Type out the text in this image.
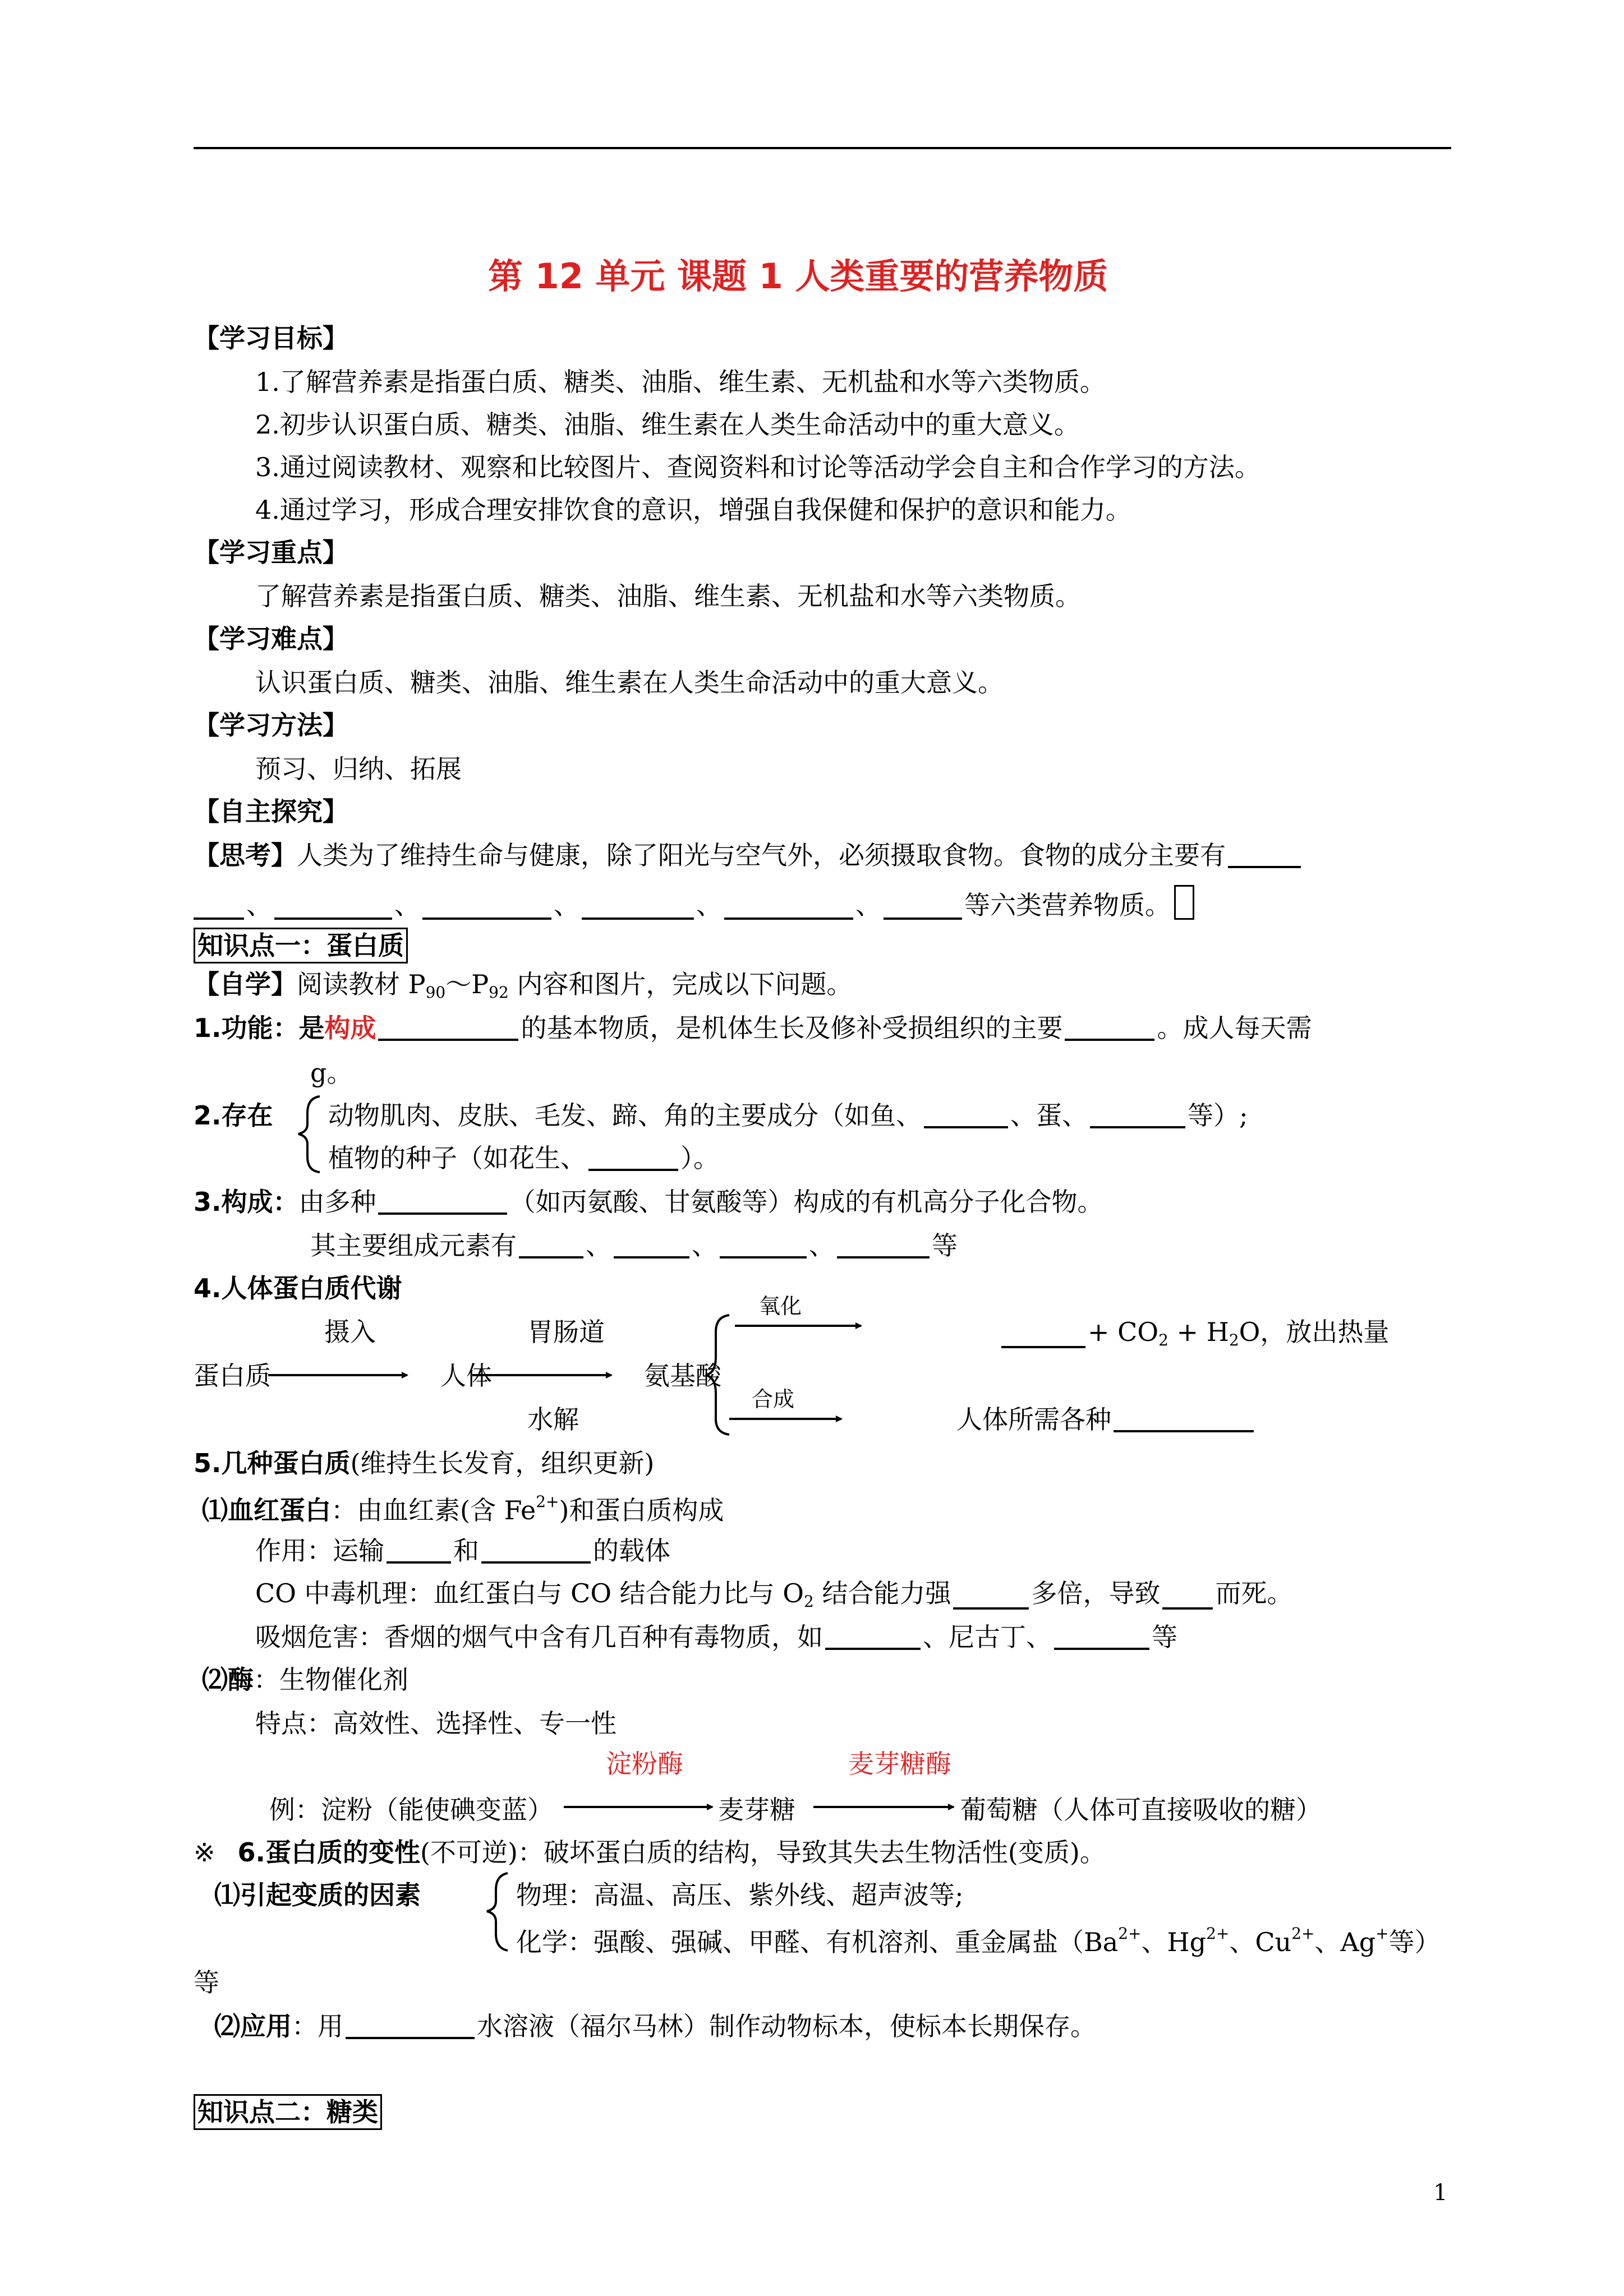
第 12 单元 课题 1 人类重要的营养物质
【学习目标】
1.了解营养素是指蛋白质、糖类、油脂、维生素、无机盐和水等六类物质。
2.初步认识蛋白质、糖类、油脂、维生素在人类生命活动中的重大意义。
3.通过阅读教材、观察和比较图片、查阅资料和讨论等活动学会自主和合作学习的方法。
4.通过学习，形成合理安排饮食的意识，增强自我保健和保护的意识和能力。
【学习重点】
了解营养素是指蛋白质、糖类、油脂、维生素、无机盐和水等六类物质。
【学习难点】
认识蛋白质、糖类、油脂、维生素在人类生命活动中的重大意义。
【学习方法】
预习、归纳、拓展
【自主探究】
【思考】人类为了维持生命与健康，除了阳光与空气外，必须摄取食物。食物的成分主要有
、	、	、	、	、	等六类营养物质。
知识点一：蛋白质
【自学】阅读教材 $P_{90}\sim P_{92}$ 内容和图片，完成以下问题。
1.功能：是构成	的基本物质，是机体生长及修补受损组织的主要	。成人每天需
g。
2.存在 动物肌肉、皮肤、毛发、蹄、角的主要成分（如鱼、	、蛋、	等）;
植物的种子（如花生、	）。
3.构成：由多种	（如丙氨酸、甘氨酸等）构成的有机高分子化合物。
其主要组成元素有	、	、	、	等
4.人体蛋白质代谢
摄入	胃肠道
氧化
+ $CO_2 + H_2O$，放出热量
蛋白质	人体	氨基酸
水解
合成
人体所需各种
5.几种蛋白质(维持生长发育，组织更新)
⑴血红蛋白：由血红素(含 $Fe^{2+}$)和蛋白质构成
作用：运输	和	的载体
CO 中毒机理：血红蛋白与 CO 结合能力比与 $O_2$ 结合能力强	多倍，导致 而死。
吸烟危害：香烟的烟气中含有几百种有毒物质，如	、尼古丁、	等
⑵酶：生物催化剂
特点：高效性、选择性、专一性
淀粉酶	麦芽糖酶
例：淀粉（能使碘变蓝）	麦芽糖	葡萄糖（人体可直接吸收的糖）
※ 6.蛋白质的变性(不可逆)：破坏蛋白质的结构，导致其失去生物活性(变质)。
⑴引起变质的因素	物理：高温、高压、紫外线、超声波等;
化学：强酸、强碱、甲醛、有机溶剂、重金属盐（$Ba^{2+}$、$Hg^{2+}$、$Cu^{2+}$、Ag+等）
等
⑵应用：用	水溶液（福尔马林）制作动物标本，使标本长期保存。
知识点二：糖类
1
